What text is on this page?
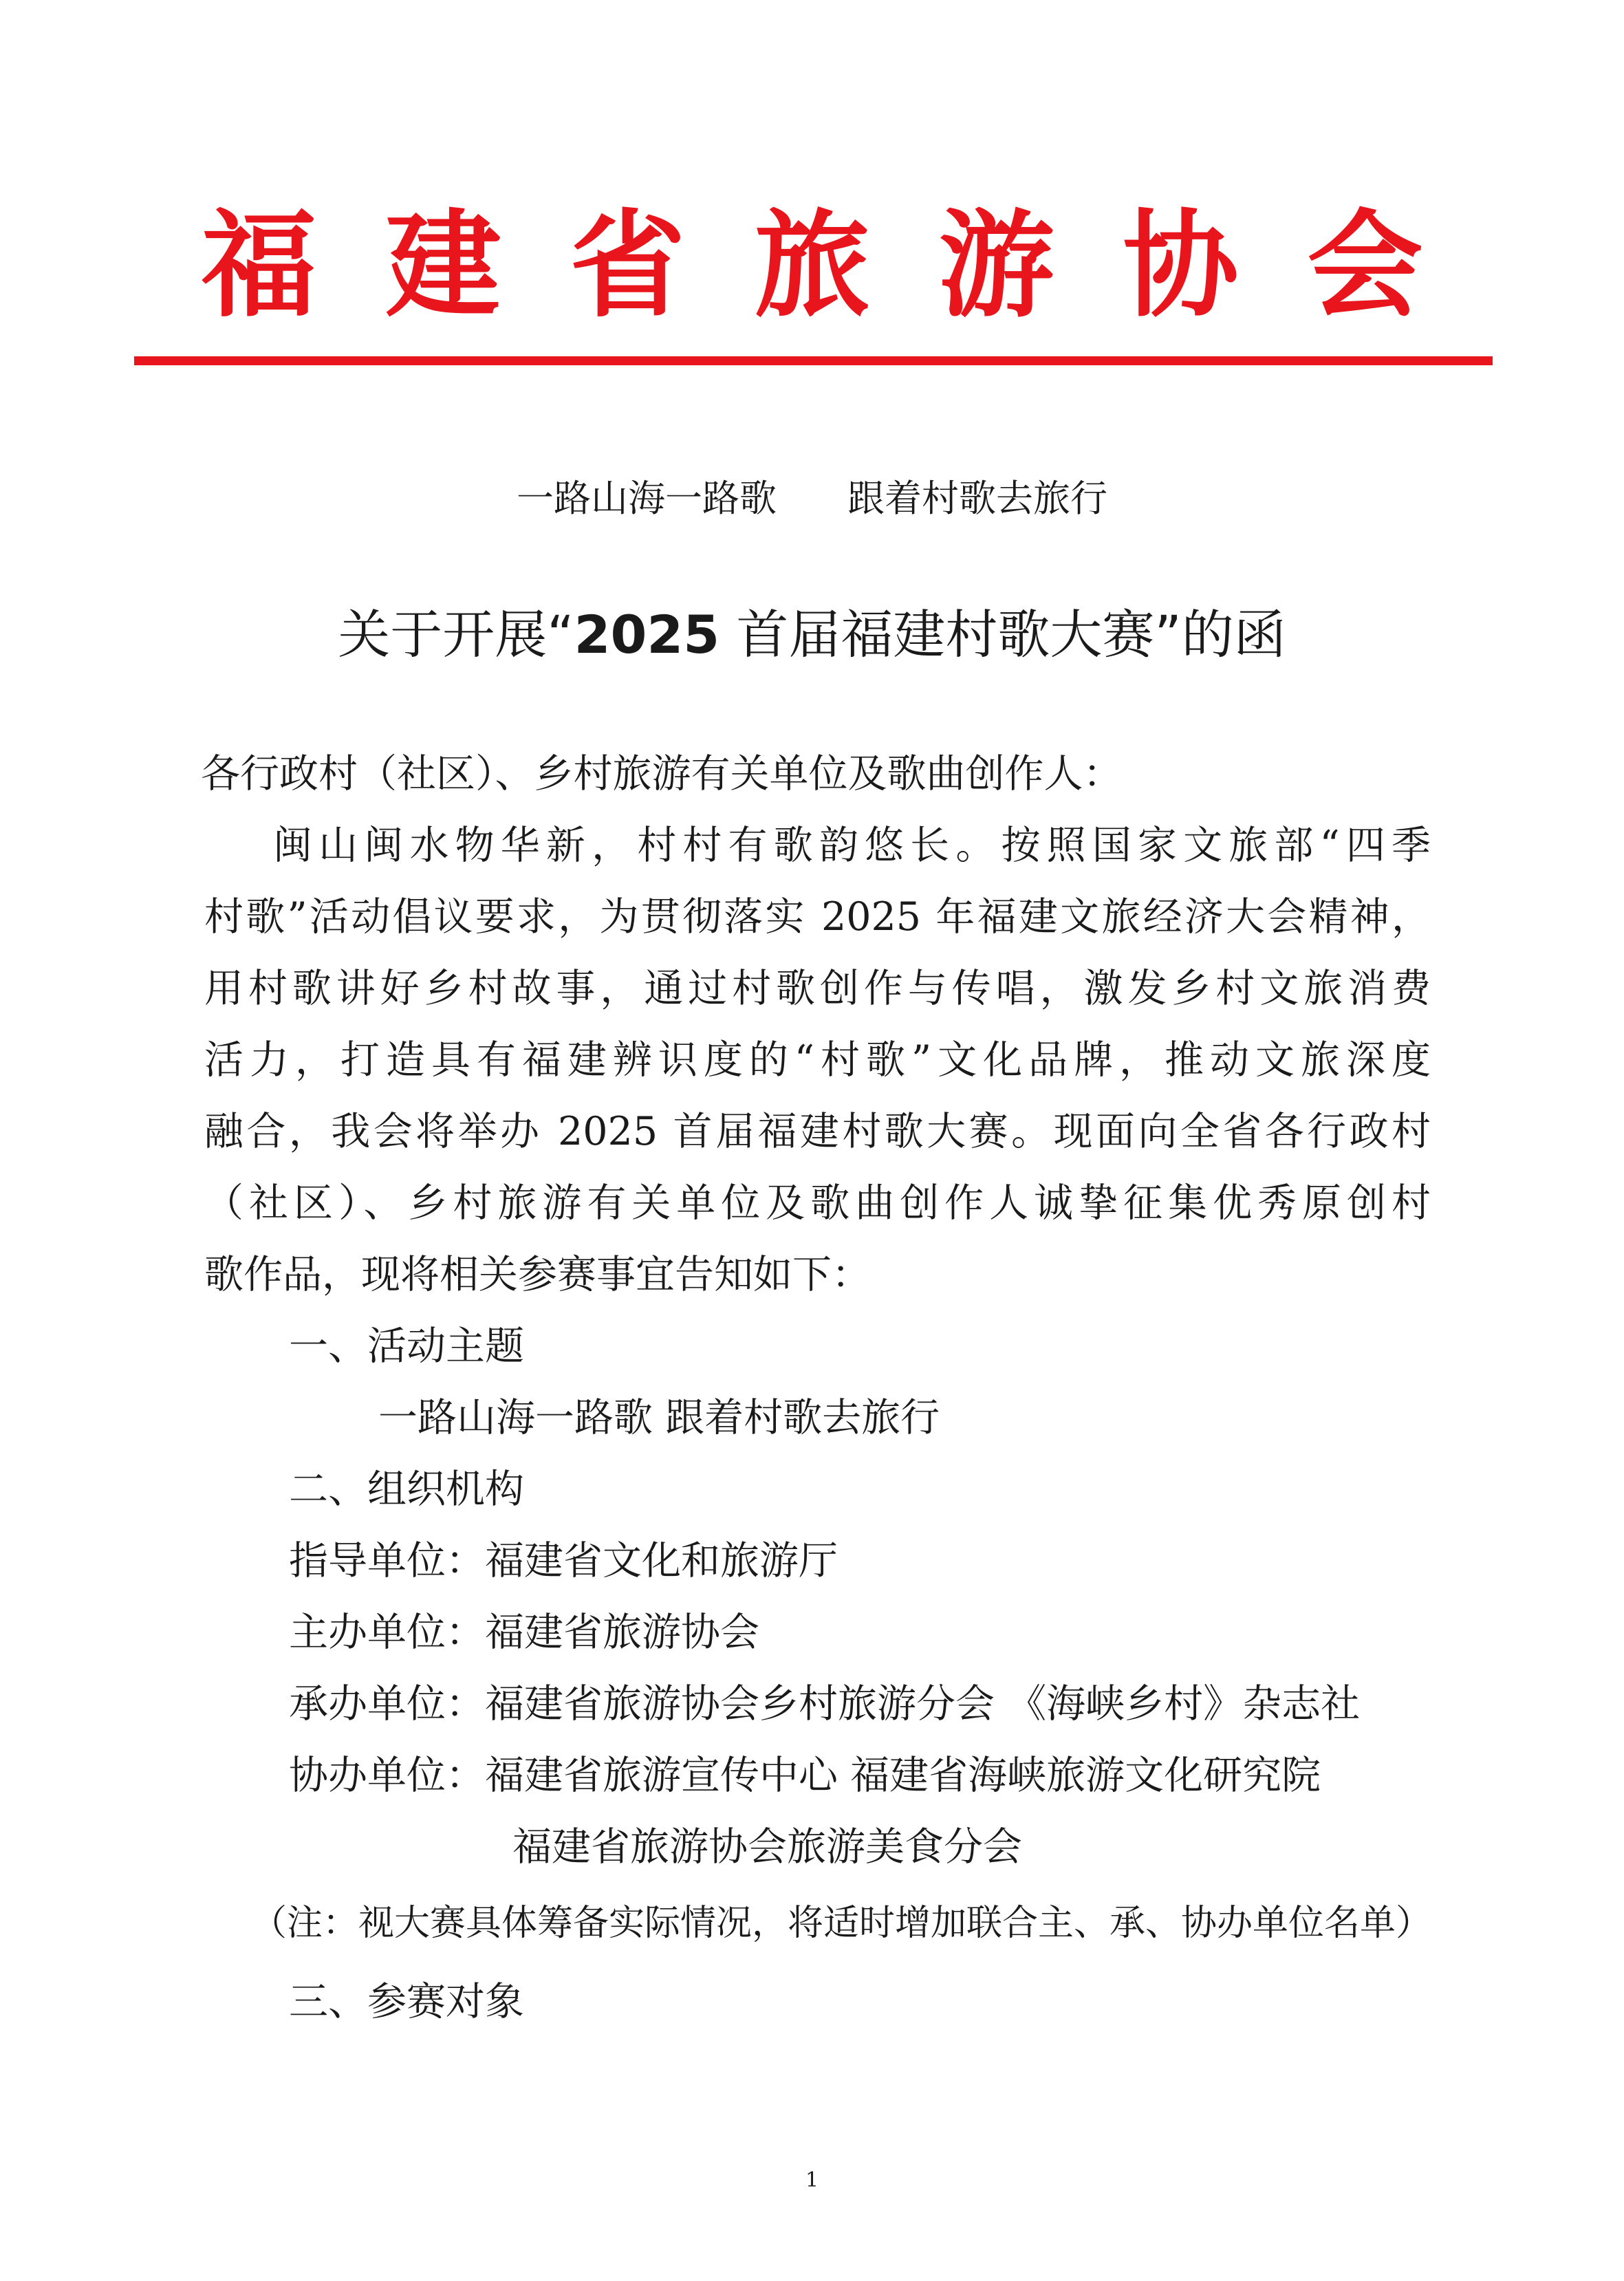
福建省旅游协会
一路山海一路歌      跟着村歌去旅行
关于开展“2025 首届福建村歌大赛”的函
各行政村（社区）、乡村旅游有关单位及歌曲创作人：
闽山闽水物华新，村村有歌韵悠长。按照国家文旅部“四季
村歌”活动倡议要求，为贯彻落实 2025 年福建文旅经济大会精神，
用村歌讲好乡村故事，通过村歌创作与传唱，激发乡村文旅消费
活力，打造具有福建辨识度的“村歌”文化品牌，推动文旅深度
融合，我会将举办 2025 首届福建村歌大赛。现面向全省各行政村
（社区）、乡村旅游有关单位及歌曲创作人诚挚征集优秀原创村
歌作品，现将相关参赛事宜告知如下：
一、活动主题
一路山海一路歌 跟着村歌去旅行
二、组织机构
指导单位：福建省文化和旅游厅
主办单位：福建省旅游协会
承办单位：福建省旅游协会乡村旅游分会 《海峡乡村》杂志社
协办单位：福建省旅游宣传中心 福建省海峡旅游文化研究院
福建省旅游协会旅游美食分会
（注：视大赛具体筹备实际情况，将适时增加联合主、承、协办单位名单）
三、参赛对象
1
